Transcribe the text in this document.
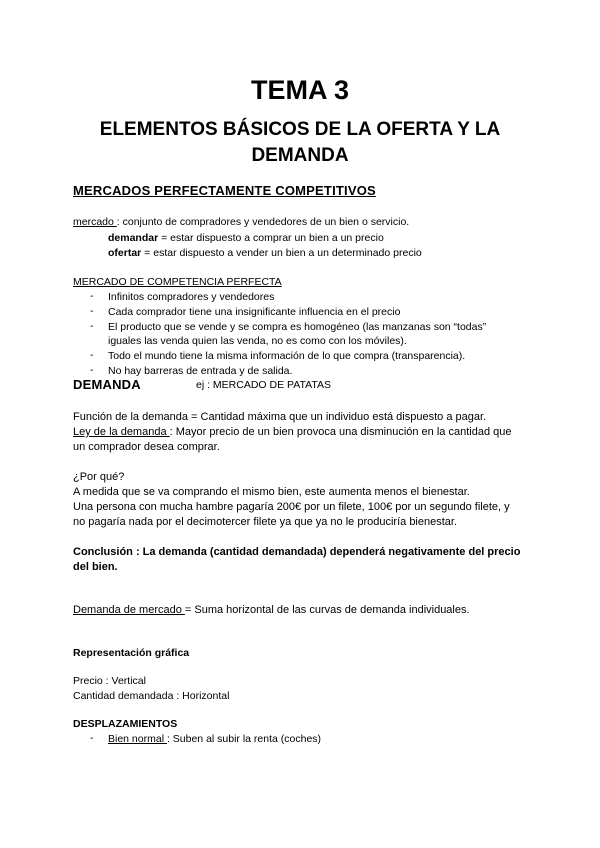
TEMA 3
ELEMENTOS BÁSICOS DE LA OFERTA Y LA
DEMANDA
MERCADOS PERFECTAMENTE COMPETITIVOS
mercado : conjunto de compradores y vendedores de un bien o servicio.
demandar = estar dispuesto a comprar un bien a un precio
ofertar = estar dispuesto a vender un bien a un determinado precio
MERCADO DE COMPETENCIA PERFECTA
- Infinitos compradores y vendedores
- Cada comprador tiene una insignificante influencia en el precio
- El producto que se vende y se compra es homogéneo (las manzanas son “todas”
iguales las venda quien las venda, no es como con los móviles).
- Todo el mundo tiene la misma información de lo que compra (transparencia).
- No hay barreras de entrada y de salida.
ej : MERCADO DE PATATAS
DEMANDA
Función de la demanda = Cantidad máxima que un individuo está dispuesto a pagar.
Ley de la demanda : Mayor precio de un bien provoca una disminución en la cantidad que
un comprador desea comprar.
¿Por qué?
A medida que se va comprando el mismo bien, este aumenta menos el bienestar.
Una persona con mucha hambre pagaría 200€ por un filete, 100€ por un segundo filete, y
no pagaría nada por el decimotercer filete ya que ya no le produciría bienestar.
Conclusión : La demanda (cantidad demandada) dependerá negativamente del precio
del bien.
Demanda de mercado = Suma horizontal de las curvas de demanda individuales.
Representación gráfica
Precio : Vertical
Cantidad demandada : Horizontal
DESPLAZAMIENTOS
- Bien normal : Suben al subir la renta (coches)
